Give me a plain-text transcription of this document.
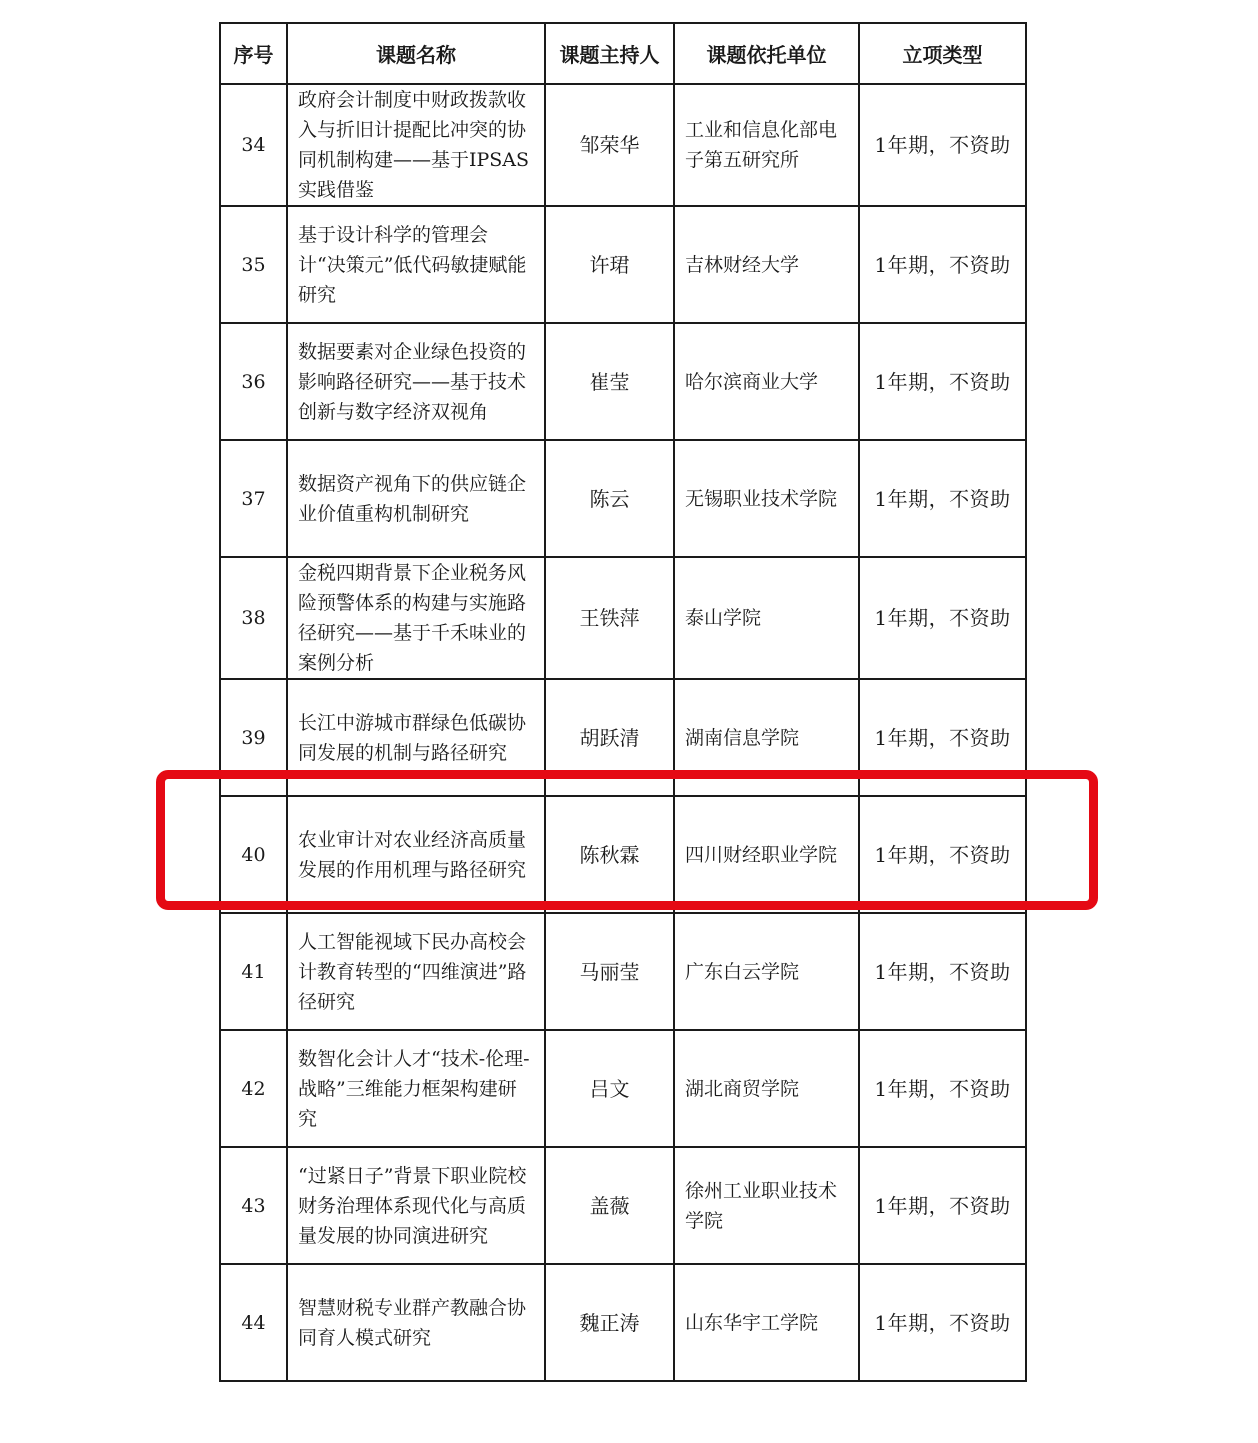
序号	课题名称	课题主持人	课题依托单位	立项类型
34	政府会计制度中财政拨款收入与折旧计提配比冲突的协同机制构建——基于IPSAS实践借鉴	邹荣华	工业和信息化部电子第五研究所	1年期，不资助
35	基于设计科学的管理会计“决策元”低代码敏捷赋能研究	许珺	吉林财经大学	1年期，不资助
36	数据要素对企业绿色投资的影响路径研究——基于技术创新与数字经济双视角	崔莹	哈尔滨商业大学	1年期，不资助
37	数据资产视角下的供应链企业价值重构机制研究	陈云	无锡职业技术学院	1年期，不资助
38	金税四期背景下企业税务风险预警体系的构建与实施路径研究——基于千禾味业的案例分析	王铁萍	泰山学院	1年期，不资助
39	长江中游城市群绿色低碳协同发展的机制与路径研究	胡跃清	湖南信息学院	1年期，不资助
40	农业审计对农业经济高质量发展的作用机理与路径研究	陈秋霖	四川财经职业学院	1年期，不资助
41	人工智能视域下民办高校会计教育转型的“四维演进”路径研究	马丽莹	广东白云学院	1年期，不资助
42	数智化会计人才“技术-伦理-战略”三维能力框架构建研究	吕文	湖北商贸学院	1年期，不资助
43	“过紧日子”背景下职业院校财务治理体系现代化与高质量发展的协同演进研究	盖薇	徐州工业职业技术学院	1年期，不资助
44	智慧财税专业群产教融合协同育人模式研究	魏正涛	山东华宇工学院	1年期，不资助
